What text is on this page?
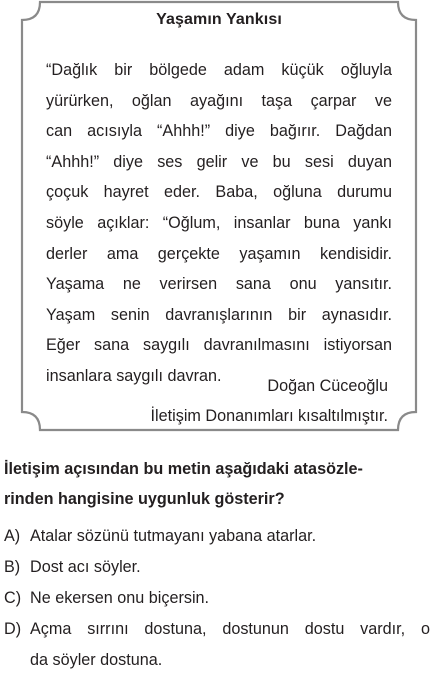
Yaşamın Yankısı
“Dağlık bir bölgede adam küçük oğluyla
yürürken, oğlan ayağını taşa çarpar ve
can acısıyla “Ahhh!” diye bağırır. Dağdan
“Ahhh!” diye ses gelir ve bu sesi duyan
çoçuk hayret eder. Baba, oğluna durumu
söyle açıklar: “Oğlum, insanlar buna yankı
derler ama gerçekte yaşamın kendisidir.
Yaşama ne verirsen sana onu yansıtır.
Yaşam senin davranışlarının bir aynasıdır.
Eğer sana saygılı davranılmasını istiyorsan
insanlara saygılı davran.
Doğan Cüceoğlu
İletişim Donanımları kısaltılmıştır.
İletişim açısından bu metin aşağıdaki atasözle-
rinden hangisine uygunluk gösterir?
A) Atalar sözünü tutmayanı yabana atarlar.
B) Dost acı söyler.
C) Ne ekersen onu biçersin.
D) Açma sırrını dostuna, dostunun dostu vardır, o
da söyler dostuna.
